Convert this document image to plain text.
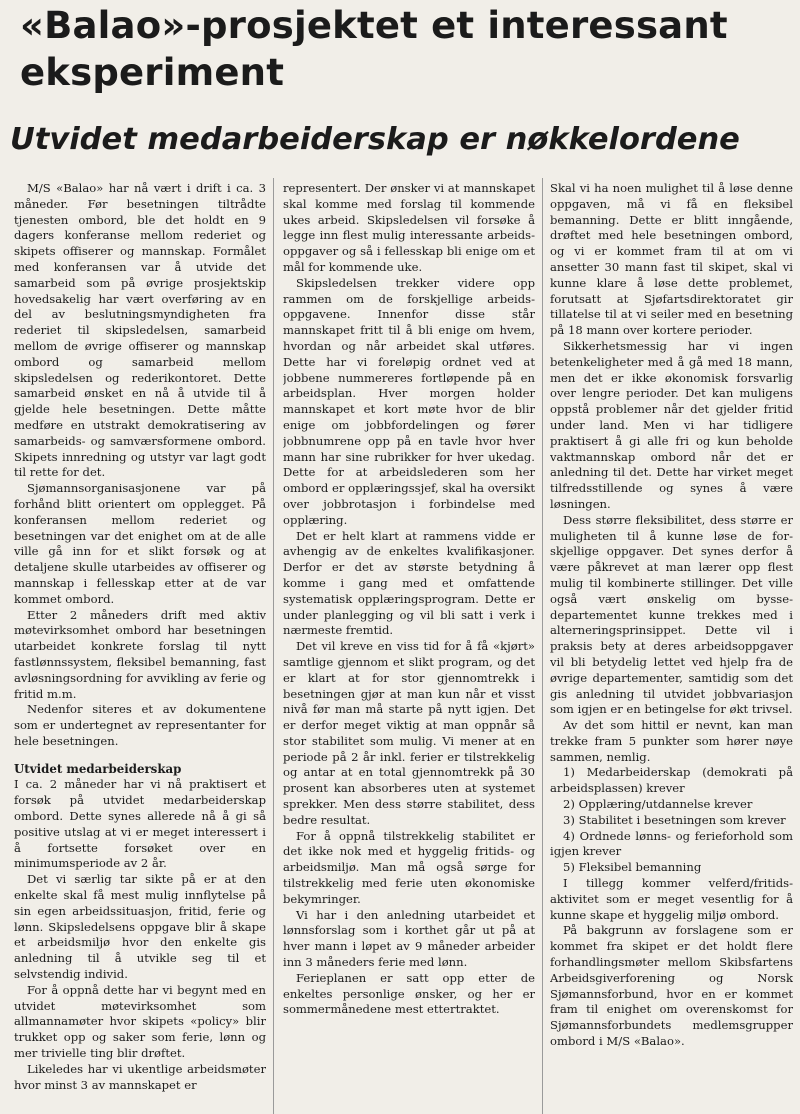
«Balao»-prosjektet et interessant
eksperiment
Utvidet medarbeiderskap er nøkkelordene

M/S «Balao» har nå vært i drift i ca. 3 måneder. Før besetningen tiltrådte tjenesten ombord, ble det holdt en 9 dagers konferanse mellom rederiet og skipets offiserer og mannskap. Formålet med konferansen var å utvide det samarbeid som på øvrige prosjektskip hovedsakelig har vært overføring av en del av beslutningsmyndigheten fra rederiet til skipsledelsen, samarbeid mellom de øvrige offiserer og mannskap ombord og samarbeid mellom skipsledelsen og rederikontoret. Dette samarbeid ønsket en nå å utvide til å gjelde hele besetningen. Dette måtte medføre en utstrakt demokratisering av samarbeids- og samværsformene ombord. Skipets innredning og utstyr var lagt godt til rette for det.

Sjømannsorganisasjonene var på forhånd blitt orientert om opplegget. På konferansen mellom rederiet og besetningen var det enighet om at de alle ville gå inn for et slikt forsøk og at detaljene skulle utarbeides av offiserer og mannskap i fellesskap etter at de var kommet ombord.

Etter 2 måneders drift med aktiv møtevirksomhet ombord har besetningen utarbeidet konkrete forslag til nytt fastlønnssystem, fleksibel bemanning, fast avløsningsordning for avvikling av ferie og fritid m.m.

Nedenfor siteres et av dokumentene som er undertegnet av representanter for hele besetningen.

Utvidet medarbeiderskap

I ca. 2 måneder har vi nå praktisert et forsøk på utvidet medarbeiderskap ombord. Dette synes allerede nå å gi så positive utslag at vi er meget interessert i å fortsette forsøket over en minimumsperiode av 2 år.

Det vi særlig tar sikte på er at den enkelte skal få mest mulig innflytelse på sin egen arbeidssituasjon, fritid, ferie og lønn. Skipsledelsens oppgave blir å skape et arbeidsmiljø hvor den enkelte gis anledning til å utvikle seg til et selvstendig individ.

For å oppnå dette har vi begynt med en utvidet møtevirksomhet som allmannamøter hvor skipets «policy» blir trukket opp og saker som ferie, lønn og mer trivielle ting blir drøftet.

Likeledes har vi ukentlige arbeidsmøter hvor minst 3 av mannskapet er

representert. Der ønsker vi at mannskapet skal komme med forslag til kommende ukes arbeid. Skipsledelsen vil forsøke å legge inn flest mulig interessante arbeidsoppgaver og så i fellesskap bli enige om et mål for kommende uke.

Skipsledelsen trekker videre opp rammen om de forskjellige arbeidsoppgavene. Innenfor disse står mannskapet fritt til å bli enige om hvem, hvordan og når arbeidet skal utføres. Dette har vi foreløpig ordnet ved at jobbene nummereres fortløpende på en arbeidsplan. Hver morgen holder mannskapet et kort møte hvor de blir enige om jobbfordelingen og fører jobbnumrene opp på en tavle hvor hver mann har sine rubrikker for hver ukedag. Dette for at arbeidslederen som her ombord er opplæringssjef, skal ha oversikt over jobbrotasjon i forbindelse med opplæring.

Det er helt klart at rammens vidde er avhengig av de enkeltes kvalifikasjoner. Derfor er det av største betydning å komme i gang med et omfattende systematisk opplæringsprogram. Dette er under planlegging og vil bli satt i verk i nærmeste fremtid.

Det vil kreve en viss tid for å få «kjørt» samtlige gjennom et slikt program, og det er klart at for stor gjennomtrekk i besetningen gjør at man kun når et visst nivå før man må starte på nytt igjen. Det er derfor meget viktig at man oppnår så stor stabilitet som mulig. Vi mener at en periode på 2 år inkl. ferier er tilstrekkelig og antar at en total gjennomtrekk på 30 prosent kan absorberes uten at systemet sprekker. Men dess større stabilitet, dess bedre resultat.

For å oppnå tilstrekkelig stabilitet er det ikke nok med et hyggelig fritids- og arbeidsmiljø. Man må også sørge for tilstrekkelig med ferie uten økonomiske bekymringer.

Vi har i den anledning utarbeidet et lønnsforslag som i korthet går ut på at hver mann i løpet av 9 måneder arbeider inn 3 måneders ferie med lønn.

Ferieplanen er satt opp etter de enkeltes personlige ønsker, og her er sommermånedene mest ettertraktet.

Skal vi ha noen mulighet til å løse denne oppgaven, må vi få en fleksibel bemanning. Dette er blitt inngående, drøftet med hele besetningen ombord, og vi er kommet fram til at om vi ansetter 30 mann fast til skipet, skal vi kunne klare å løse dette problemet, forutsatt at Sjøfartsdirektoratet gir tillatelse til at vi seiler med en besetning på 18 mann over kortere perioder.

Sikkerhetsmessig har vi ingen betenkeligheter med å gå med 18 mann, men det er ikke økonomisk forsvarlig over lengre perioder. Det kan muligens oppstå problemer når det gjelder fritid under land. Men vi har tidligere praktisert å gi alle fri og kun beholde vaktmannskap ombord når det er anledning til det. Dette har virket meget tilfredsstillende og synes å være løsningen.

Dess større fleksibilitet, dess større er muligheten til å kunne løse de forskjellige oppgaver. Det synes derfor å være påkrevet at man lærer opp flest mulig til kombinerte stillinger. Det ville også vært ønskelig om byssedepartementet kunne trekkes med i alterneringsprinsippet. Dette vil i praksis bety at deres arbeidsoppgaver vil bli betydelig lettet ved hjelp fra de øvrige departementer, samtidig som det gis anledning til utvidet jobbvariasjon som igjen er en betingelse for økt trivsel.

Av det som hittil er nevnt, kan man trekke fram 5 punkter som hører nøye sammen, nemlig.

1) Medarbeiderskap (demokrati på arbeidsplassen) krever
2) Opplæring/utdannelse krever
3) Stabilitet i besetningen som krever
4) Ordnede lønns- og ferieforhold som igjen krever
5) Fleksibel bemanning

I tillegg kommer velferd/fritidsaktivitet som er meget vesentlig for å kunne skape et hyggelig miljø ombord.

På bakgrunn av forslagene som er kommet fra skipet er det holdt flere forhandlingsmøter mellom Skibsfartens Arbeidsgiverforening og Norsk Sjømannsforbund, hvor en er kommet fram til enighet om overenskomst for Sjømannsforbundets medlemsgrupper ombord i M/S «Balao».
